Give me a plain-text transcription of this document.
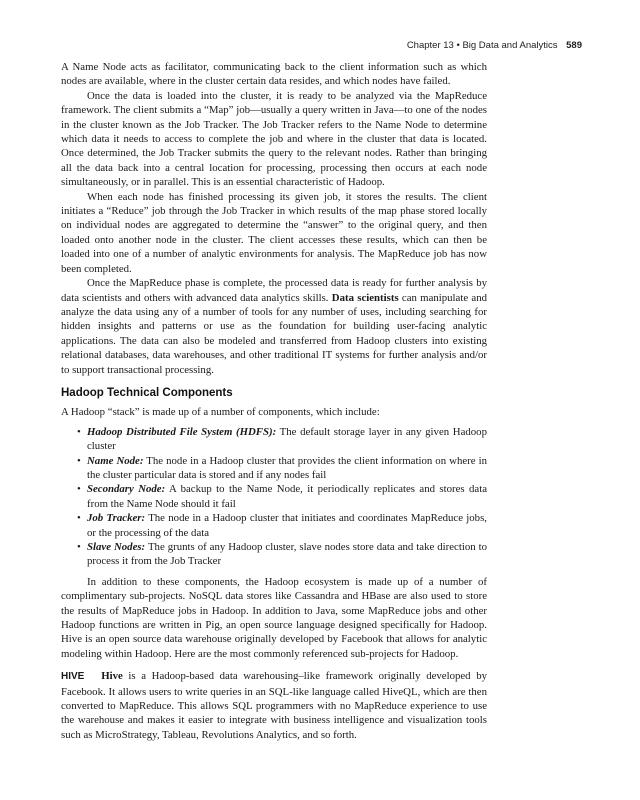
Chapter 13 • Big Data and Analytics 589

A Name Node acts as facilitator, communicating back to the client information such as which nodes are available, where in the cluster certain data resides, and which nodes have failed.

Once the data is loaded into the cluster, it is ready to be analyzed via the MapReduce framework. The client submits a “Map” job—usually a query written in Java—to one of the nodes in the cluster known as the Job Tracker. The Job Tracker refers to the Name Node to determine which data it needs to access to complete the job and where in the cluster that data is located. Once determined, the Job Tracker submits the query to the relevant nodes. Rather than bringing all the data back into a central location for processing, processing then occurs at each node simultaneously, or in parallel. This is an essential characteristic of Hadoop.

When each node has finished processing its given job, it stores the results. The client initiates a “Reduce” job through the Job Tracker in which results of the map phase stored locally on individual nodes are aggregated to determine the “answer” to the original query, and then loaded onto another node in the cluster. The client accesses these results, which can then be loaded into one of a number of analytic environments for analysis. The MapReduce job has now been completed.

Once the MapReduce phase is complete, the processed data is ready for further analysis by data scientists and others with advanced data analytics skills. Data scientists can manipulate and analyze the data using any of a number of tools for any number of uses, including searching for hidden insights and patterns or use as the foundation for building user-facing analytic applications. The data can also be modeled and transferred from Hadoop clusters into existing relational databases, data warehouses, and other traditional IT systems for further analysis and/or to support transactional processing.

Hadoop Technical Components

A Hadoop “stack” is made up of a number of components, which include:

• Hadoop Distributed File System (HDFS): The default storage layer in any given Hadoop cluster
• Name Node: The node in a Hadoop cluster that provides the client information on where in the cluster particular data is stored and if any nodes fail
• Secondary Node: A backup to the Name Node, it periodically replicates and stores data from the Name Node should it fail
• Job Tracker: The node in a Hadoop cluster that initiates and coordinates MapReduce jobs, or the processing of the data
• Slave Nodes: The grunts of any Hadoop cluster, slave nodes store data and take direction to process it from the Job Tracker

In addition to these components, the Hadoop ecosystem is made up of a number of complimentary sub-projects. NoSQL data stores like Cassandra and HBase are also used to store the results of MapReduce jobs in Hadoop. In addition to Java, some MapReduce jobs and other Hadoop functions are written in Pig, an open source language designed specifically for Hadoop. Hive is an open source data warehouse originally developed by Facebook that allows for analytic modeling within Hadoop. Here are the most commonly referenced sub-projects for Hadoop.

HIVE Hive is a Hadoop-based data warehousing–like framework originally developed by Facebook. It allows users to write queries in an SQL-like language called HiveQL, which are then converted to MapReduce. This allows SQL programmers with no MapReduce experience to use the warehouse and makes it easier to integrate with business intelligence and visualization tools such as MicroStrategy, Tableau, Revolutions Analytics, and so forth.
